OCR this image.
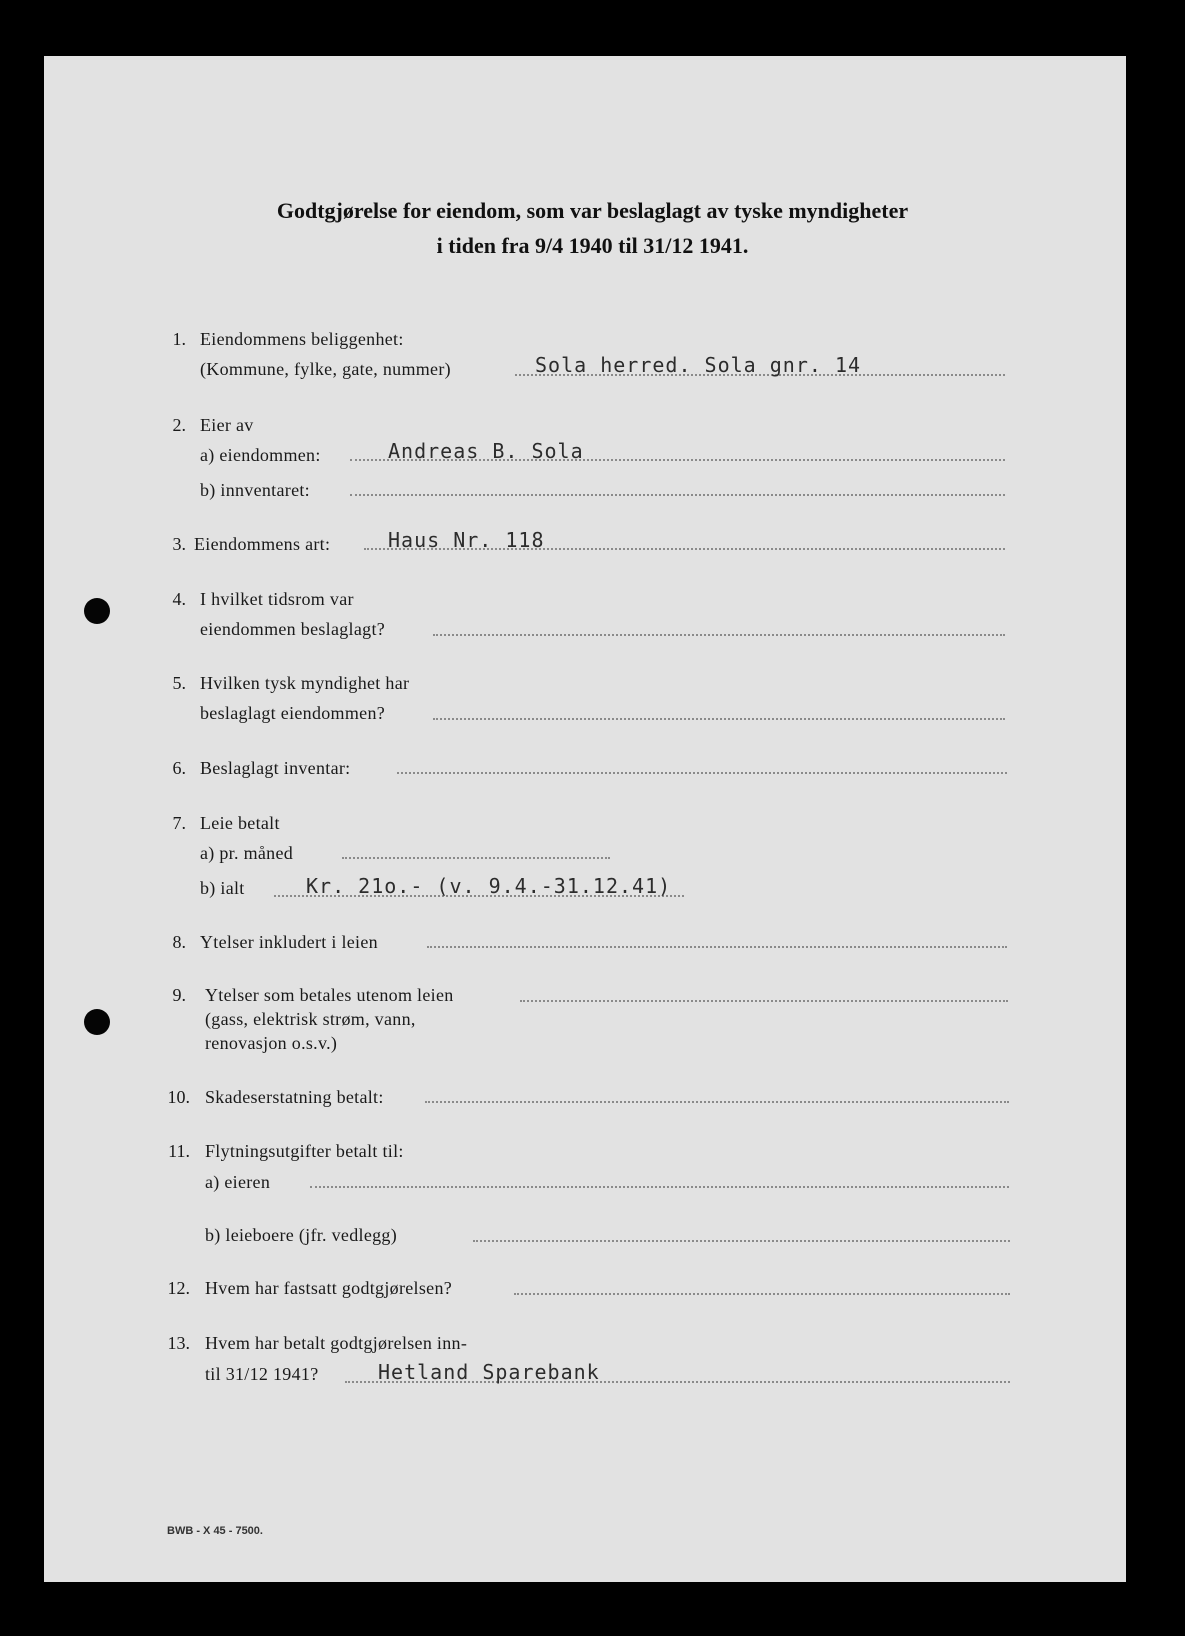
Godtgjørelse for eiendom, som var beslaglagt av tyske myndigheter
i tiden fra 9/4 1940 til 31/12 1941.
1. Eiendommens beliggenhet:
(Kommune, fylke, gate, nummer)	Sola herred. Sola gnr. 14
2. Eier av
a) eiendommen:	Andreas B. Sola
b) innventaret:
3. Eiendommens art:	Haus Nr. 118
4. I hvilket tidsrom var
eiendommen beslaglagt?
5. Hvilken tysk myndighet har
beslaglagt eiendommen?
6. Beslaglagt inventar:
7. Leie betalt
a) pr. måned
b) ialt	Kr. 21o.- (v. 9.4.-31.12.41)
8. Ytelser inkludert i leien
9. Ytelser som betales utenom leien
(gass, elektrisk strøm, vann,
renovasjon o.s.v.)
10. Skadeserstatning betalt:
11. Flytningsutgifter betalt til:
a) eieren
b) leieboere (jfr. vedlegg)
12. Hvem har fastsatt godtgjørelsen?
13. Hvem har betalt godtgjørelsen inn-
til 31/12 1941?	Hetland Sparebank
BWB - X 45 - 7500.
